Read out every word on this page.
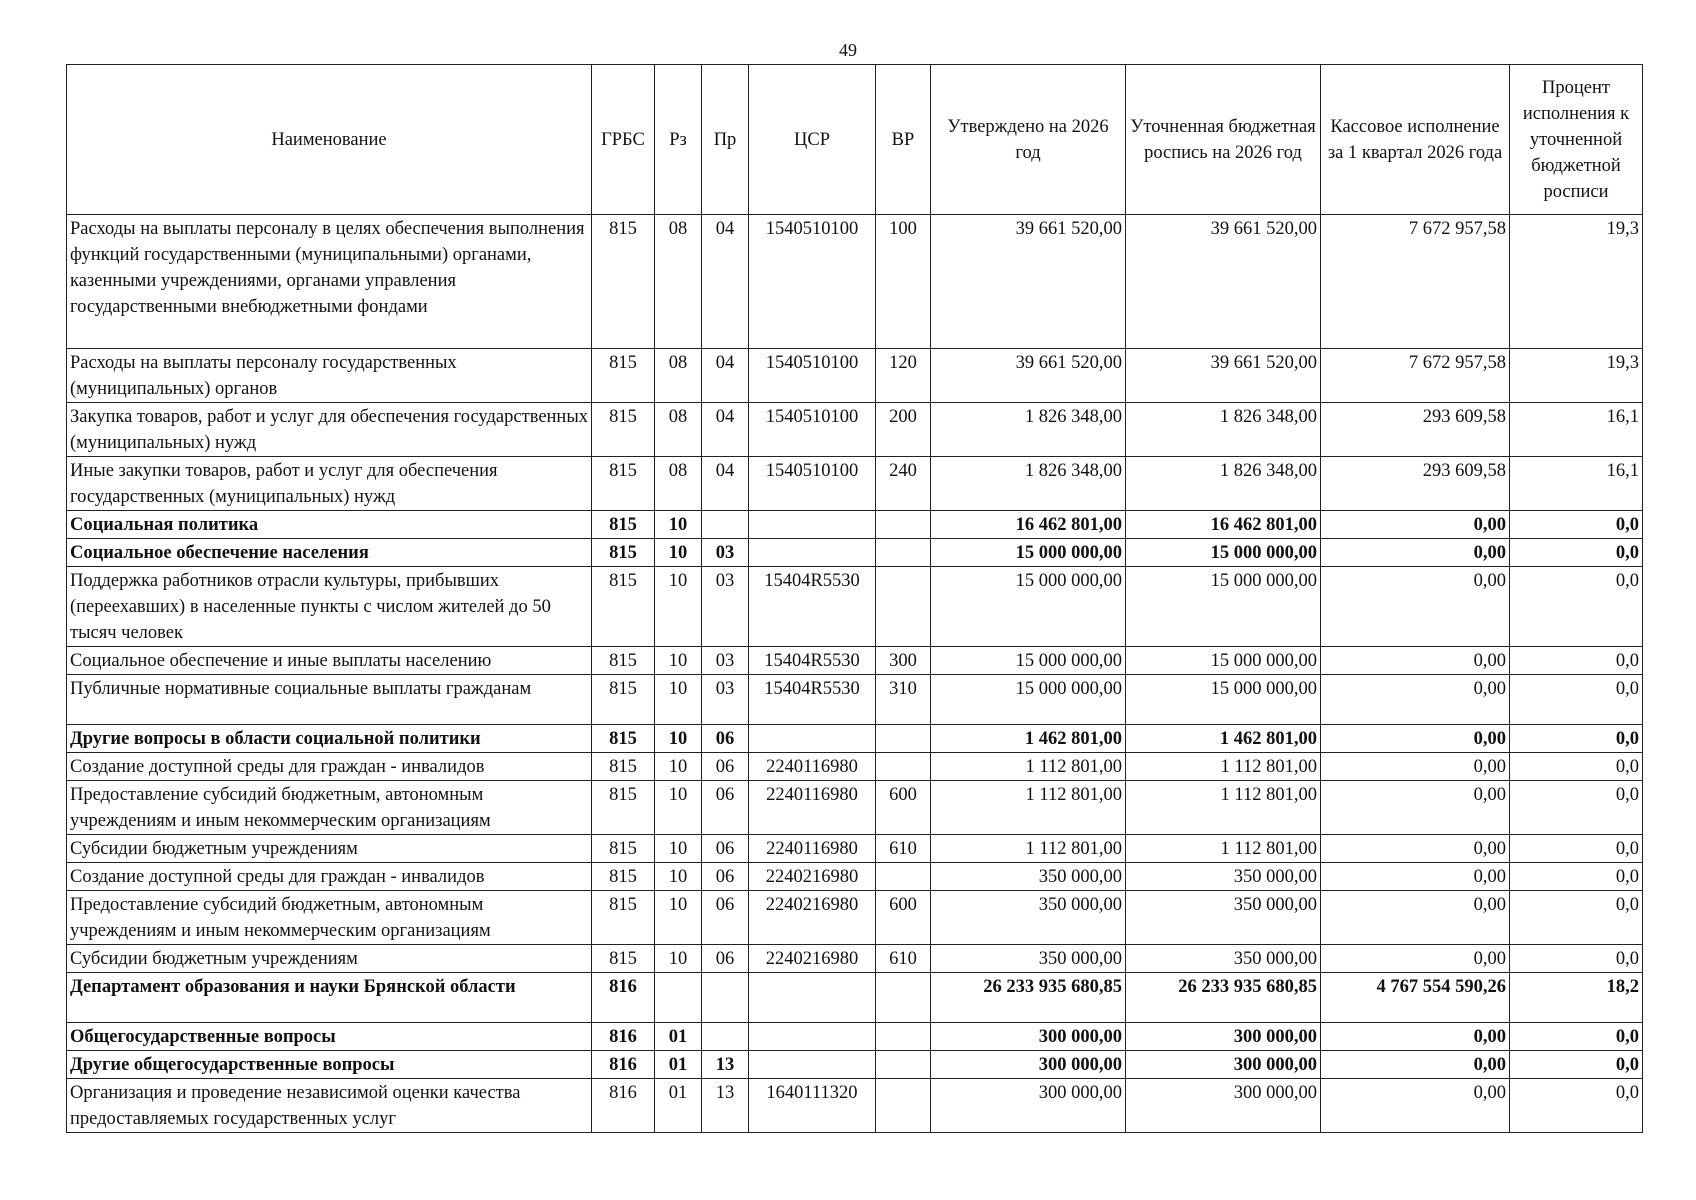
49
Наименование	ГРБС	Рз	Пр	ЦСР	ВР	Утверждено на 2026 год	Уточненная бюджетная роспись на 2026 год	Кассовое исполнение за 1 квартал 2026 года	Процент исполнения к уточненной бюджетной росписи
Расходы на выплаты персоналу в целях обеспечения выполнения функций государственными (муниципальными) органами, казенными учреждениями, органами управления государственными внебюджетными фондами	815	08	04	1540510100	100	39 661 520,00	39 661 520,00	7 672 957,58	19,3
Расходы на выплаты персоналу государственных (муниципальных) органов	815	08	04	1540510100	120	39 661 520,00	39 661 520,00	7 672 957,58	19,3
Закупка товаров, работ и услуг для обеспечения государственных (муниципальных) нужд	815	08	04	1540510100	200	1 826 348,00	1 826 348,00	293 609,58	16,1
Иные закупки товаров, работ и услуг для обеспечения государственных (муниципальных) нужд	815	08	04	1540510100	240	1 826 348,00	1 826 348,00	293 609,58	16,1
Социальная политика	815	10				16 462 801,00	16 462 801,00	0,00	0,0
Социальное обеспечение населения	815	10	03			15 000 000,00	15 000 000,00	0,00	0,0
Поддержка работников отрасли культуры, прибывших (переехавших) в населенные пункты с числом жителей до 50 тысяч человек	815	10	03	15404R5530		15 000 000,00	15 000 000,00	0,00	0,0
Социальное обеспечение и иные выплаты населению	815	10	03	15404R5530	300	15 000 000,00	15 000 000,00	0,00	0,0
Публичные нормативные социальные выплаты гражданам	815	10	03	15404R5530	310	15 000 000,00	15 000 000,00	0,00	0,0
Другие вопросы в области социальной политики	815	10	06			1 462 801,00	1 462 801,00	0,00	0,0
Создание доступной среды для граждан - инвалидов	815	10	06	2240116980		1 112 801,00	1 112 801,00	0,00	0,0
Предоставление субсидий бюджетным, автономным учреждениям и иным некоммерческим организациям	815	10	06	2240116980	600	1 112 801,00	1 112 801,00	0,00	0,0
Субсидии бюджетным учреждениям	815	10	06	2240116980	610	1 112 801,00	1 112 801,00	0,00	0,0
Создание доступной среды для граждан - инвалидов	815	10	06	2240216980		350 000,00	350 000,00	0,00	0,0
Предоставление субсидий бюджетным, автономным учреждениям и иным некоммерческим организациям	815	10	06	2240216980	600	350 000,00	350 000,00	0,00	0,0
Субсидии бюджетным учреждениям	815	10	06	2240216980	610	350 000,00	350 000,00	0,00	0,0
Департамент образования и науки Брянской области	816					26 233 935 680,85	26 233 935 680,85	4 767 554 590,26	18,2
Общегосударственные вопросы	816	01				300 000,00	300 000,00	0,00	0,0
Другие общегосударственные вопросы	816	01	13			300 000,00	300 000,00	0,00	0,0
Организация и проведение независимой оценки качества предоставляемых государственных услуг	816	01	13	1640111320		300 000,00	300 000,00	0,00	0,0
